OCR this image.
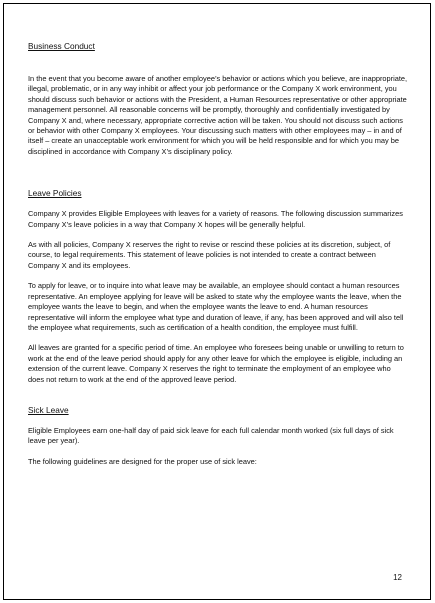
Business Conduct

In the event that you become aware of another employee’s behavior or actions which you believe, are inappropriate, illegal, problematic, or in any way inhibit or affect your job performance or the Company X work environment, you should discuss such behavior or actions with the President, a Human Resources representative or other appropriate management personnel. All reasonable concerns will be promptly, thoroughly and confidentially investigated by Company X and, where necessary, appropriate corrective action will be taken. You should not discuss such actions or behavior with other Company X employees. Your discussing such matters with other employees may – in and of itself – create an unacceptable work environment for which you will be held responsible and for which you may be disciplined in accordance with Company X’s disciplinary policy.

Leave Policies

Company X provides Eligible Employees with leaves for a variety of reasons. The following discussion summarizes Company X’s leave policies in a way that Company X hopes will be generally helpful.

As with all policies, Company X reserves the right to revise or rescind these policies at its discretion, subject, of course, to legal requirements. This statement of leave policies is not intended to create a contract between Company X and its employees.

To apply for leave, or to inquire into what leave may be available, an employee should contact a human resources representative. An employee applying for leave will be asked to state why the employee wants the leave, when the employee wants the leave to begin, and when the employee wants the leave to end. A human resources representative will inform the employee what type and duration of leave, if any, has been approved and will also tell the employee what requirements, such as certification of a health condition, the employee must fulfill.

All leaves are granted for a specific period of time. An employee who foresees being unable or unwilling to return to work at the end of the leave period should apply for any other leave for which the employee is eligible, including an extension of the current leave. Company X reserves the right to terminate the employment of an employee who does not return to work at the end of the approved leave period.

Sick Leave

Eligible Employees earn one-half day of paid sick leave for each full calendar month worked (six full days of sick leave per year).

The following guidelines are designed for the proper use of sick leave:

12
